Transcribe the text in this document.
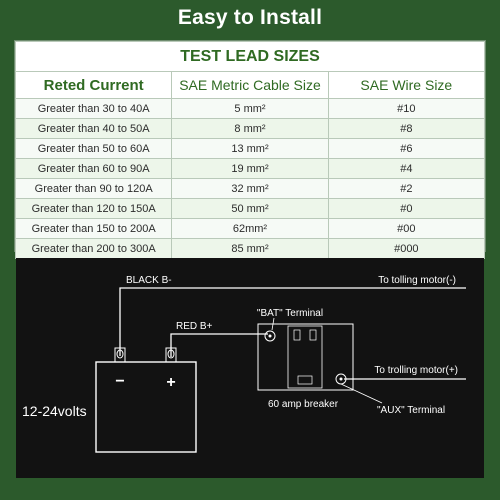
Easy to Install
TEST LEAD SIZES		
Reted Current	SAE Metric Cable Size	SAE Wire Size
Greater than 30 to 40A	5 mm²	#10
Greater than 40 to 50A	8 mm²	#8
Greater than 50 to 60A	13 mm²	#6
Greater than 60 to 90A	19 mm²	#4
Greater than 90 to 120A	32 mm²	#2
Greater than 120 to 150A	50 mm²	#0
Greater than 150 to 200A	62mm²	#00
Greater than 200 to 300A	85 mm²	#000
−	+
BLACK B-	To tolling motor(-)
RED B+
"BAT" Terminal
To trolling motor(+)
60 amp breaker
"AUX" Terminal
12-24volts
